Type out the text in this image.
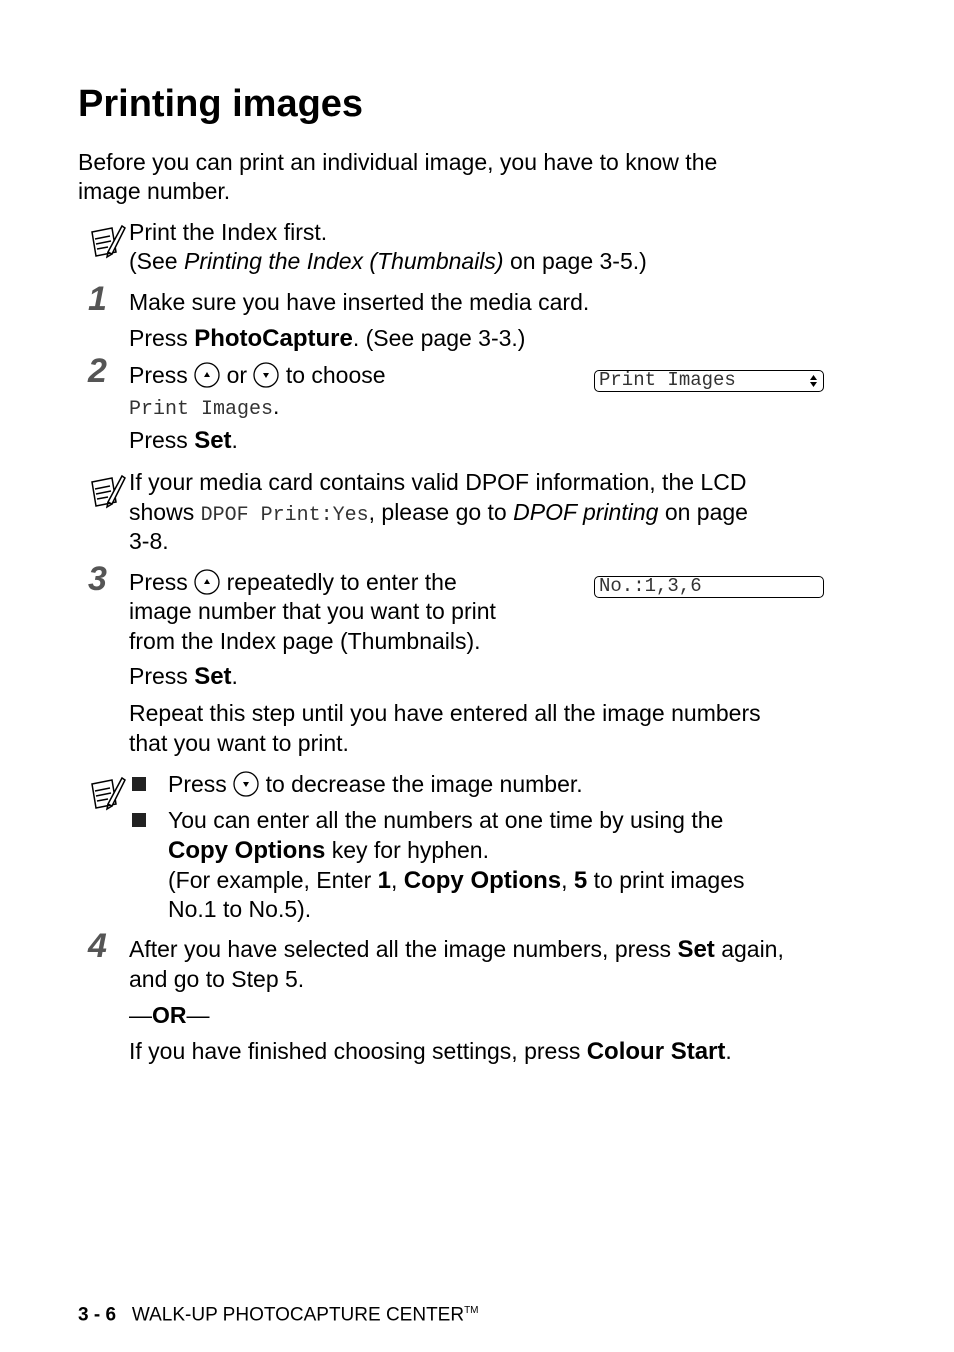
Printing images
Before you can print an individual image, you have to know the
image number.
Print the Index first.
(See Printing the Index (Thumbnails) on page 3-5.)
1 Make sure you have inserted the media card.
Press PhotoCapture. (See page 3-3.)
2 Press or to choose
Print Images.
Press Set.
Print Images
If your media card contains valid DPOF information, the LCD
shows DPOF Print:Yes, please go to DPOF printing on page
3-8.
3 Press repeatedly to enter the
image number that you want to print
from the Index page (Thumbnails).
Press Set.
Repeat this step until you have entered all the image numbers
that you want to print.
No.:1,3,6
Press to decrease the image number.
You can enter all the numbers at one time by using the
Copy Options key for hyphen.
(For example, Enter 1, Copy Options, 5 to print images
No.1 to No.5).
4 After you have selected all the image numbers, press Set again,
and go to Step 5.
—OR—
If you have finished choosing settings, press Colour Start.
3 - 6 WALK-UP PHOTOCAPTURE CENTER™
